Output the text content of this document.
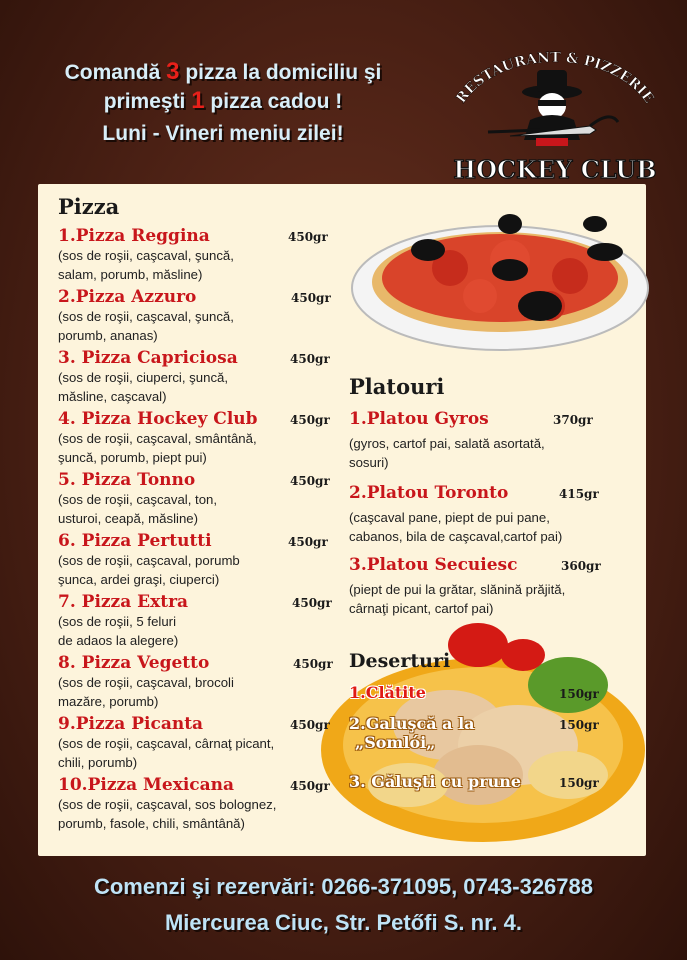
Comandă 3 pizza la domiciliu şi
primeşti 1 pizza cadou !
Luni - Vineri meniu zilei!
RESTAURANT & PIZZERIE
HOCKEY CLUB
Pizza
1.Pizza Reggina	450gr
(sos de roşii, caşcaval, şuncă,
salam, porumb, măsline)
2.Pizza Azzuro	450gr
(sos de roşii, caşcaval, şuncă,
porumb, ananas)
3. Pizza Capriciosa	450gr
(sos de roşii, ciuperci, şuncă,
măsline, caşcaval)
4. Pizza Hockey Club	450gr
(sos de roşii, caşcaval, smântână,
şuncă, porumb, piept pui)
5. Pizza Tonno	450gr
(sos de roşii, caşcaval, ton,
usturoi, ceapă, măsline)
6. Pizza Pertutti	450gr
(sos de roşii, caşcaval, porumb
şunca, ardei graşi, ciuperci)
7. Pizza Extra	450gr
(sos de roşii, 5 feluri
de adaos la alegere)
8. Pizza Vegetto	450gr
(sos de roşii, caşcaval, brocoli
mazăre, porumb)
9.Pizza Picanta	450gr
(sos de roşii, caşcaval, cârnaţ picant,
chili, porumb)
10.Pizza Mexicana	450gr
(sos de roşii, caşcaval, sos bolognez,
porumb, fasole, chili, smântână)
Platouri
1.Platou Gyros	370gr
(gyros, cartof pai, salată asortată,
sosuri)
2.Platou Toronto	415gr
(caşcaval pane, piept de pui pane,
cabanos, bila de caşcaval,cartof pai)
3.Platou Secuiesc	360gr
(piept de pui la grătar, slănină prăjită,
cârnaţi picant, cartof pai)
Deserturi
1.Clătite	150gr
2.Galuşcă a la	150gr
„Somlói„
3. Găluşti cu prune	150gr
Comenzi şi rezervări: 0266-371095, 0743-326788
Miercurea Ciuc, Str. Petőfi S. nr. 4.
